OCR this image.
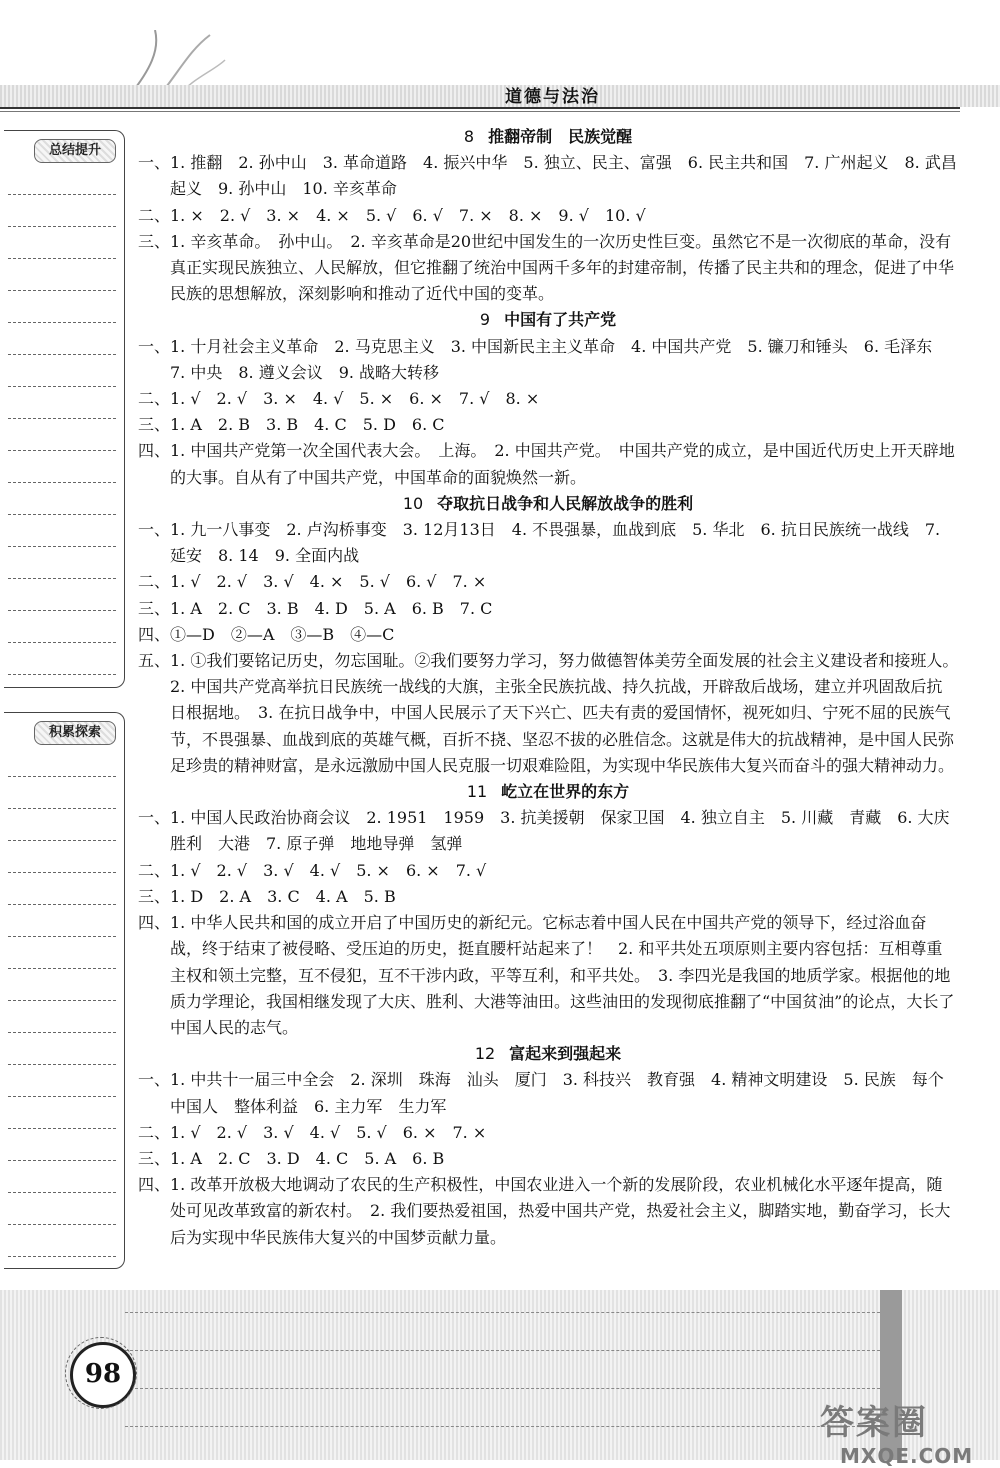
道德与法治
总结提升
积累探索

8 推翻帝制　民族觉醒

一、1. 推翻　2. 孙中山　3. 革命道路　4. 振兴中华　5. 独立、民主、富强　6. 民主共和国　7. 广州起义　8. 武昌起义　9. 孙中山　10. 辛亥革命

二、1. ×　2. √　3. ×　4. ×　5. √　6. √　7. ×　8. ×　9. √　10. √

三、1. 辛亥革命。　孙中山。　2. 辛亥革命是20世纪中国发生的一次历史性巨变。虽然它不是一次彻底的革命，没有真正实现民族独立、人民解放，但它推翻了统治中国两千多年的封建帝制，传播了民主共和的理念，促进了中华民族的思想解放，深刻影响和推动了近代中国的变革。

9 中国有了共产党

一、1. 十月社会主义革命　2. 马克思主义　3. 中国新民主主义革命　4. 中国共产党　5. 镰刀和锤头　6. 毛泽东　7. 中央　8. 遵义会议　9. 战略大转移

二、1. √　2. √　3. ×　4. √　5. ×　6. ×　7. √　8. ×

三、1. A　2. B　3. B　4. C　5. D　6. C

四、1. 中国共产党第一次全国代表大会。　上海。　2. 中国共产党。　中国共产党的成立，是中国近代历史上开天辟地的大事。自从有了中国共产党，中国革命的面貌焕然一新。

10 夺取抗日战争和人民解放战争的胜利

一、1. 九一八事变　2. 卢沟桥事变　3. 12月13日　4. 不畏强暴，血战到底　5. 华北　6. 抗日民族统一战线　7. 延安　8. 14　9. 全面内战

二、1. √　2. √　3. √　4. ×　5. √　6. √　7. ×

三、1. A　2. C　3. B　4. D　5. A　6. B　7. C

四、①—D　②—A　③—B　④—C

五、1. ①我们要铭记历史，勿忘国耻。②我们要努力学习，努力做德智体美劳全面发展的社会主义建设者和接班人。　2. 中国共产党高举抗日民族统一战线的大旗，主张全民族抗战、持久抗战，开辟敌后战场，建立并巩固敌后抗日根据地。　3. 在抗日战争中，中国人民展示了天下兴亡、匹夫有责的爱国情怀，视死如归、宁死不屈的民族气节，不畏强暴、血战到底的英雄气概，百折不挠、坚忍不拔的必胜信念。这就是伟大的抗战精神，是中国人民弥足珍贵的精神财富，是永远激励中国人民克服一切艰难险阻，为实现中华民族伟大复兴而奋斗的强大精神动力。

11 屹立在世界的东方

一、1. 中国人民政治协商会议　2. 1951　1959　3. 抗美援朝　保家卫国　4. 独立自主　5. 川藏　青藏　6. 大庆　胜利　大港　7. 原子弹　地地导弹　氢弹

二、1. √　2. √　3. √　4. √　5. ×　6. ×　7. √

三、1. D　2. A　3. C　4. A　5. B

四、1. 中华人民共和国的成立开启了中国历史的新纪元。它标志着中国人民在中国共产党的领导下，经过浴血奋战，终于结束了被侵略、受压迫的历史，挺直腰杆站起来了！　2. 和平共处五项原则主要内容包括：互相尊重主权和领土完整，互不侵犯，互不干涉内政，平等互利，和平共处。　3. 李四光是我国的地质学家。根据他的地质力学理论，我国相继发现了大庆、胜利、大港等油田。这些油田的发现彻底推翻了“中国贫油”的论点，大长了中国人民的志气。

12 富起来到强起来

一、1. 中共十一届三中全会　2. 深圳　珠海　汕头　厦门　3. 科技兴　教育强　4. 精神文明建设　5. 民族　每个中国人　整体利益　6. 主力军　生力军

二、1. √　2. √　3. √　4. √　5. √　6. ×　7. ×

三、1. A　2. C　3. D　4. C　5. A　6. B

四、1. 改革开放极大地调动了农民的生产积极性，中国农业进入一个新的发展阶段，农业机械化水平逐年提高，随处可见改革致富的新农村。　2. 我们要热爱祖国，热爱中国共产党，热爱社会主义，脚踏实地，勤奋学习，长大后为实现中华民族伟大复兴的中国梦贡献力量。

98
答案圈
MXQE.COM
